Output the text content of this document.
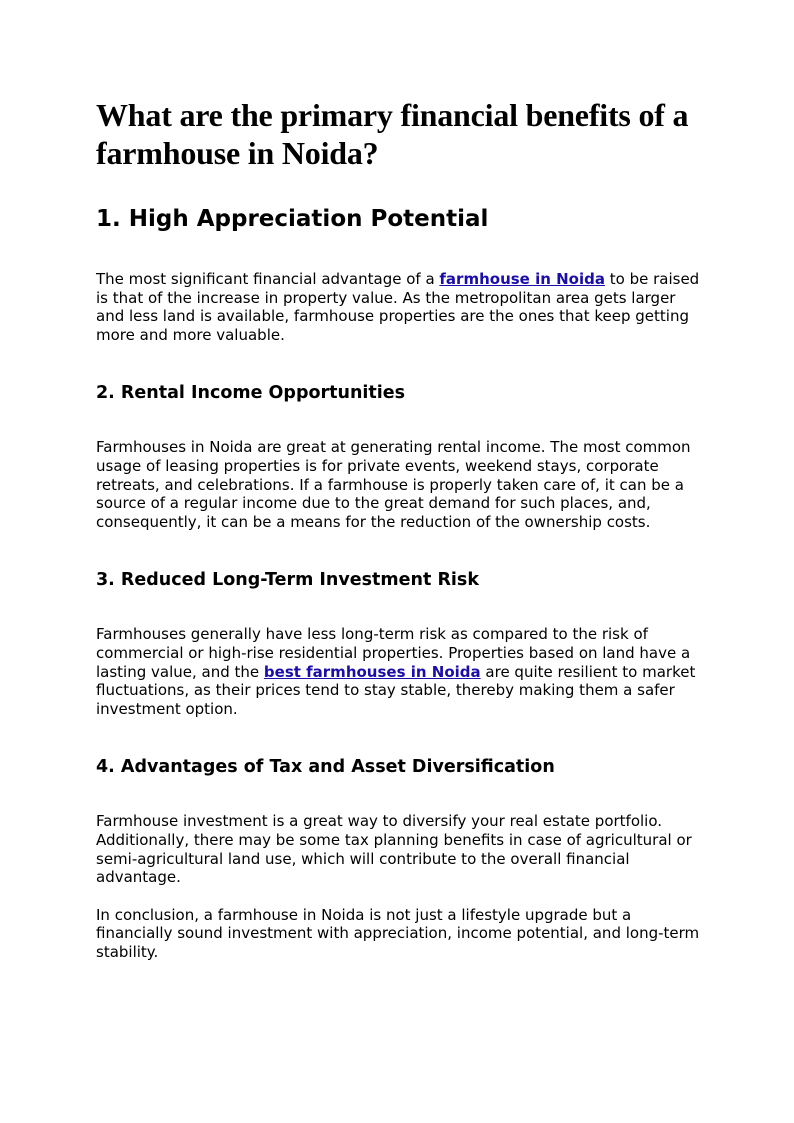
What are the primary financial benefits of a farmhouse in Noida?
1. High Appreciation Potential

The most significant financial advantage of a farmhouse in Noida to be raised is that of the increase in property value. As the metropolitan area gets larger and less land is available, farmhouse properties are the ones that keep getting more and more valuable.

2. Rental Income Opportunities

Farmhouses in Noida are great at generating rental income. The most common usage of leasing properties is for private events, weekend stays, corporate retreats, and celebrations. If a farmhouse is properly taken care of, it can be a source of a regular income due to the great demand for such places, and, consequently, it can be a means for the reduction of the ownership costs.

3. Reduced Long-Term Investment Risk

Farmhouses generally have less long-term risk as compared to the risk of commercial or high-rise residential properties. Properties based on land have a lasting value, and the best farmhouses in Noida are quite resilient to market fluctuations, as their prices tend to stay stable, thereby making them a safer investment option.

4. Advantages of Tax and Asset Diversification

Farmhouse investment is a great way to diversify your real estate portfolio. Additionally, there may be some tax planning benefits in case of agricultural or semi-agricultural land use, which will contribute to the overall financial advantage.

In conclusion, a farmhouse in Noida is not just a lifestyle upgrade but a financially sound investment with appreciation, income potential, and long-term stability.
